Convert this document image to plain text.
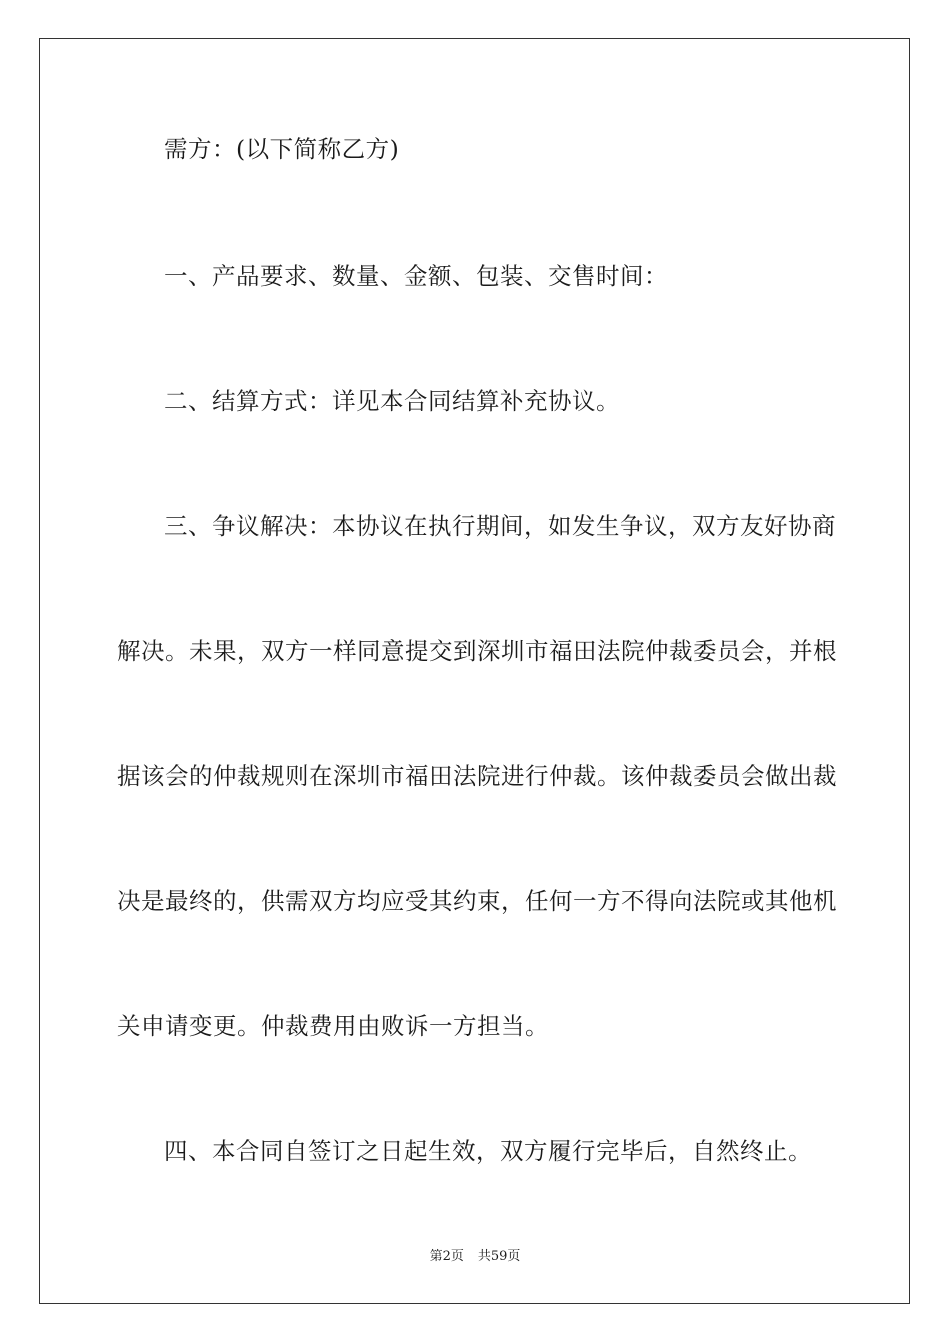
需方：(以下简称乙方)
一、产品要求、数量、金额、包装、交售时间：
二、结算方式：详见本合同结算补充协议。
三、争议解决：本协议在执行期间，如发生争议，双方友好协商
解决。未果，双方一样同意提交到深圳市福田法院仲裁委员会，并根
据该会的仲裁规则在深圳市福田法院进行仲裁。该仲裁委员会做出裁
决是最终的，供需双方均应受其约束，任何一方不得向法院或其他机
关申请变更。仲裁费用由败诉一方担当。
四、本合同自签订之日起生效，双方履行完毕后，自然终止。
第2页 共59页
